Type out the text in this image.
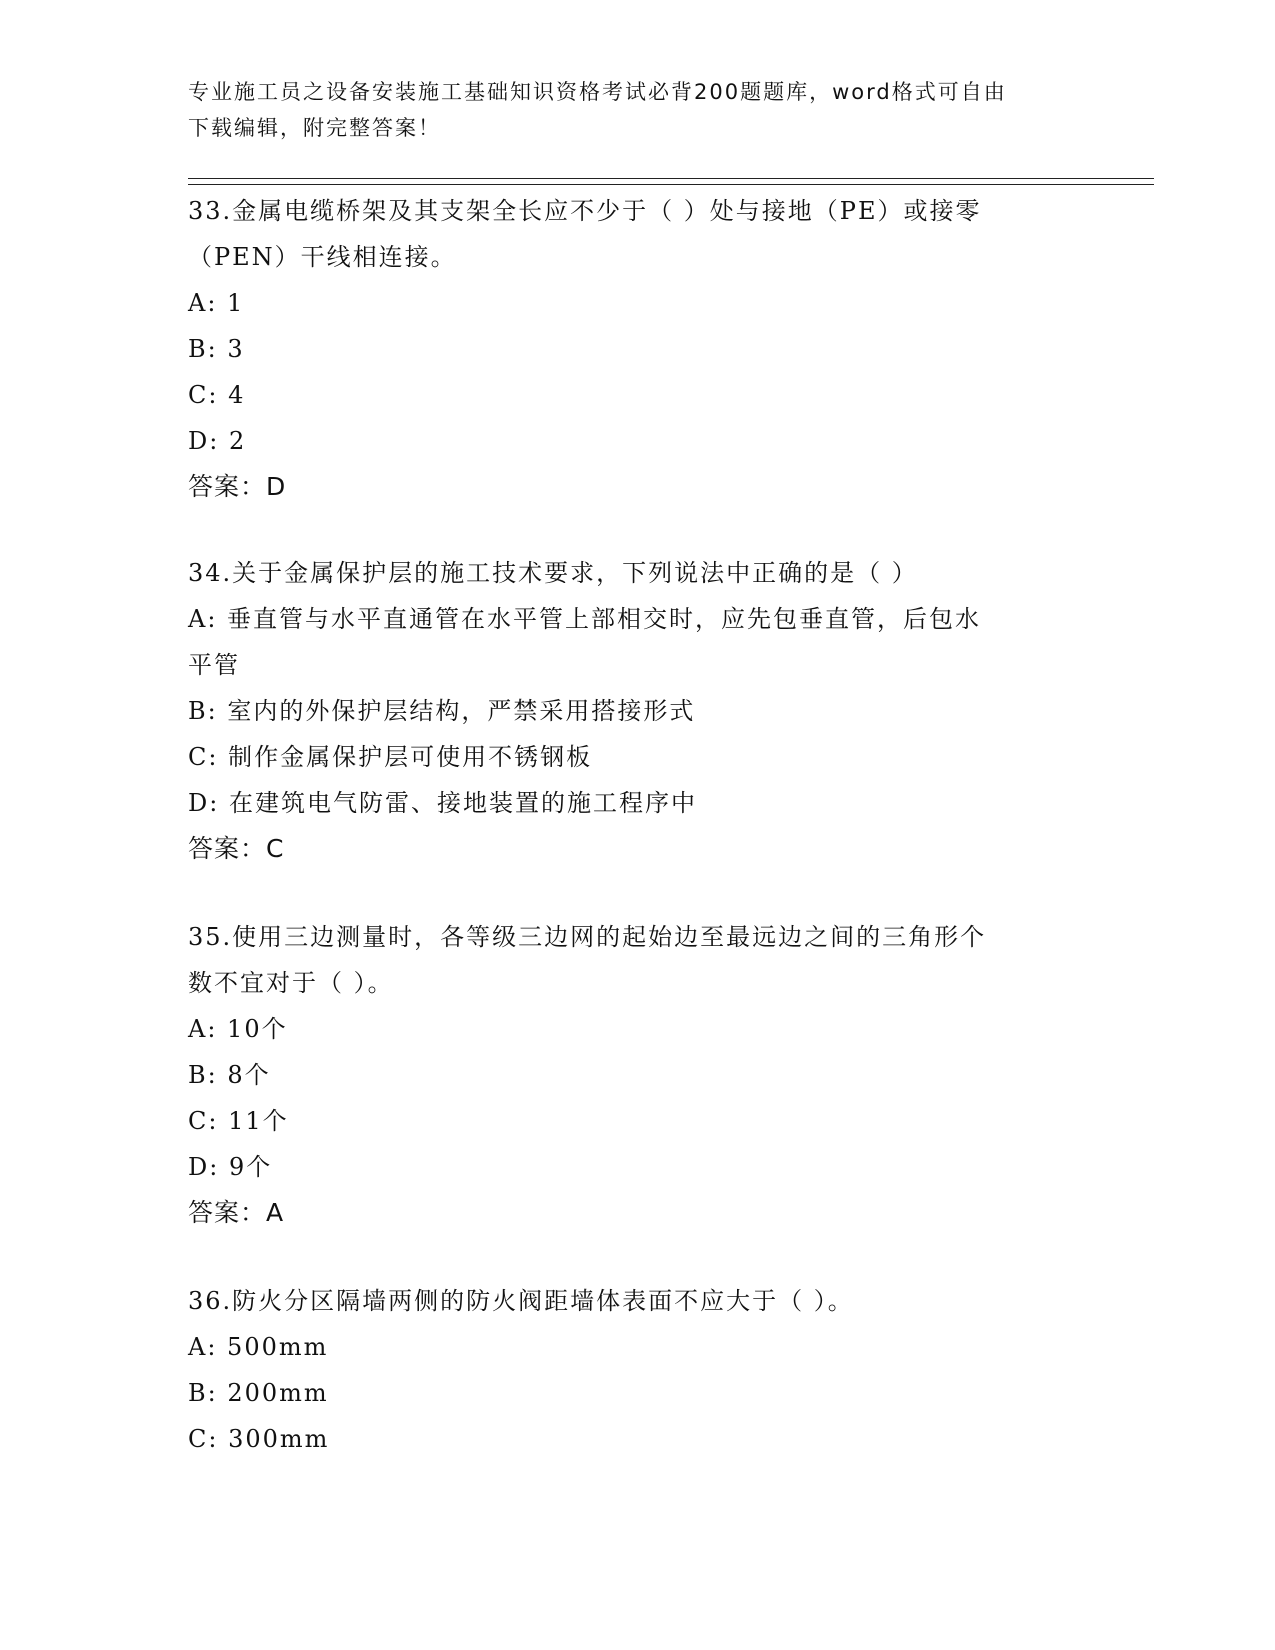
专业施工员之设备安装施工基础知识资格考试必背200题题库，word格式可自由
下载编辑，附完整答案！
33.金属电缆桥架及其支架全长应不少于（ ）处与接地（PE）或接零
（PEN）干线相连接。
A: 1
B: 3
C: 4
D: 2
答案：D
34.关于金属保护层的施工技术要求，下列说法中正确的是（ ）
A: 垂直管与水平直通管在水平管上部相交时，应先包垂直管，后包水
平管
B: 室内的外保护层结构，严禁采用搭接形式
C: 制作金属保护层可使用不锈钢板
D: 在建筑电气防雷、接地装置的施工程序中
答案：C
35.使用三边测量时，各等级三边网的起始边至最远边之间的三角形个
数不宜对于（ ）。
A: 10个
B: 8个
C: 11个
D: 9个
答案：A
36.防火分区隔墙两侧的防火阀距墙体表面不应大于（ ）。
A: 500mm
B: 200mm
C: 300mm
